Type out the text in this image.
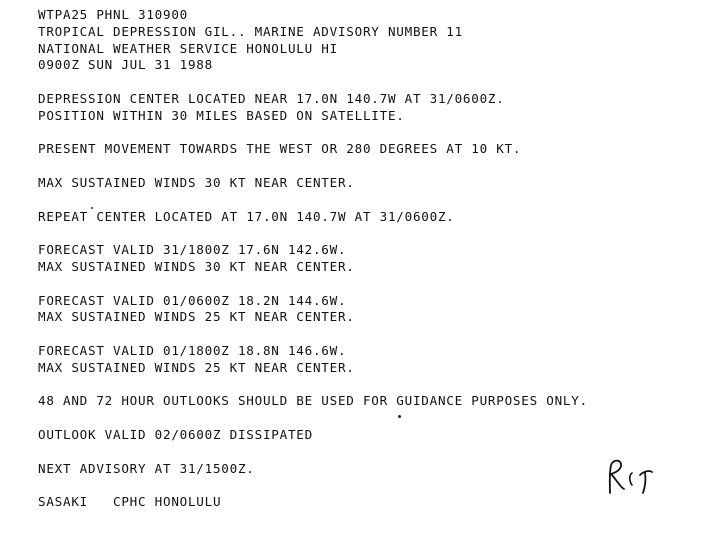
WTPA25 PHNL 310900
TROPICAL DEPRESSION GIL.. MARINE ADVISORY NUMBER 11
NATIONAL WEATHER SERVICE HONOLULU HI
0900Z SUN JUL 31 1988
DEPRESSION CENTER LOCATED NEAR 17.0N 140.7W AT 31/0600Z.
POSITION WITHIN 30 MILES BASED ON SATELLITE.
PRESENT MOVEMENT TOWARDS THE WEST OR 280 DEGREES AT 10 KT.
MAX SUSTAINED WINDS 30 KT NEAR CENTER.
REPEAT CENTER LOCATED AT 17.0N 140.7W AT 31/0600Z.
FORECAST VALID 31/1800Z 17.6N 142.6W.
MAX SUSTAINED WINDS 30 KT NEAR CENTER.
FORECAST VALID 01/0600Z 18.2N 144.6W.
MAX SUSTAINED WINDS 25 KT NEAR CENTER.
FORECAST VALID 01/1800Z 18.8N 146.6W.
MAX SUSTAINED WINDS 25 KT NEAR CENTER.
48 AND 72 HOUR OUTLOOKS SHOULD BE USED FOR GUIDANCE PURPOSES ONLY.
OUTLOOK VALID 02/0600Z DISSIPATED
NEXT ADVISORY AT 31/1500Z.
SASAKI   CPHC HONOLULU
